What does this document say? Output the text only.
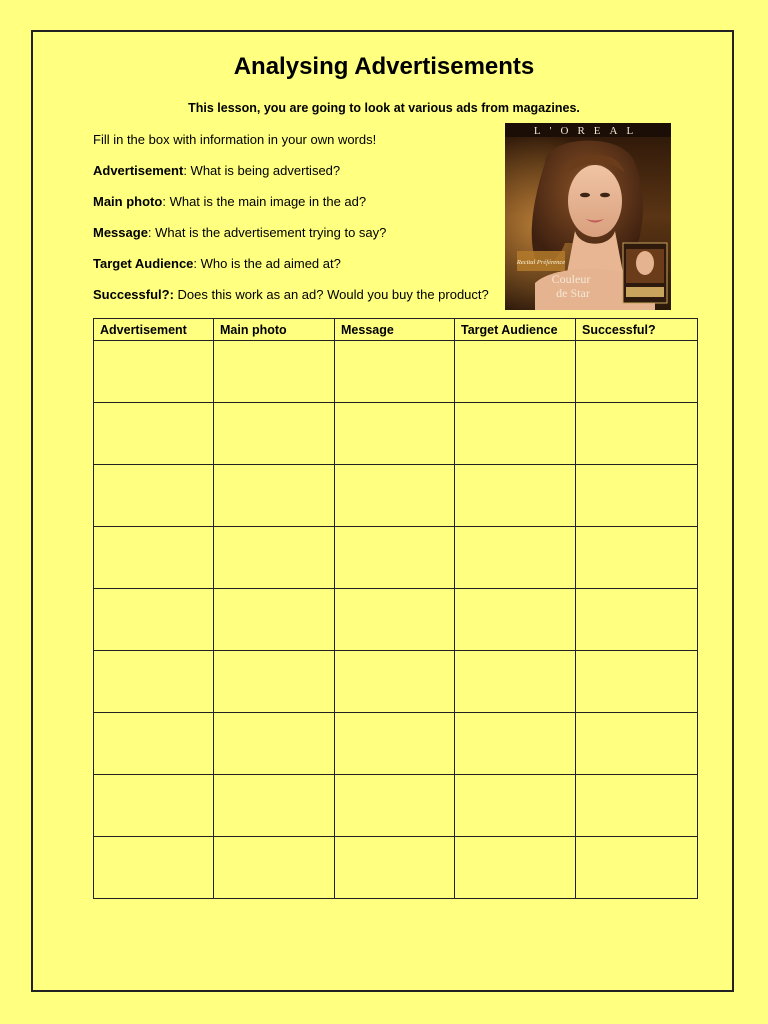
Analysing Advertisements
This lesson, you are going to look at various ads from magazines.
Fill in the box with information in your own words!
Advertisement: What is being advertised?
Main photo: What is the main image in the ad?
Message: What is the advertisement trying to say?
Target Audience: Who is the ad aimed at?
Successful?: Does this work as an ad? Would you buy the product?
L'OREAL
Recital Préférence
Couleur
de Star
Advertisement	Main photo	Message	Target Audience	Successful?
